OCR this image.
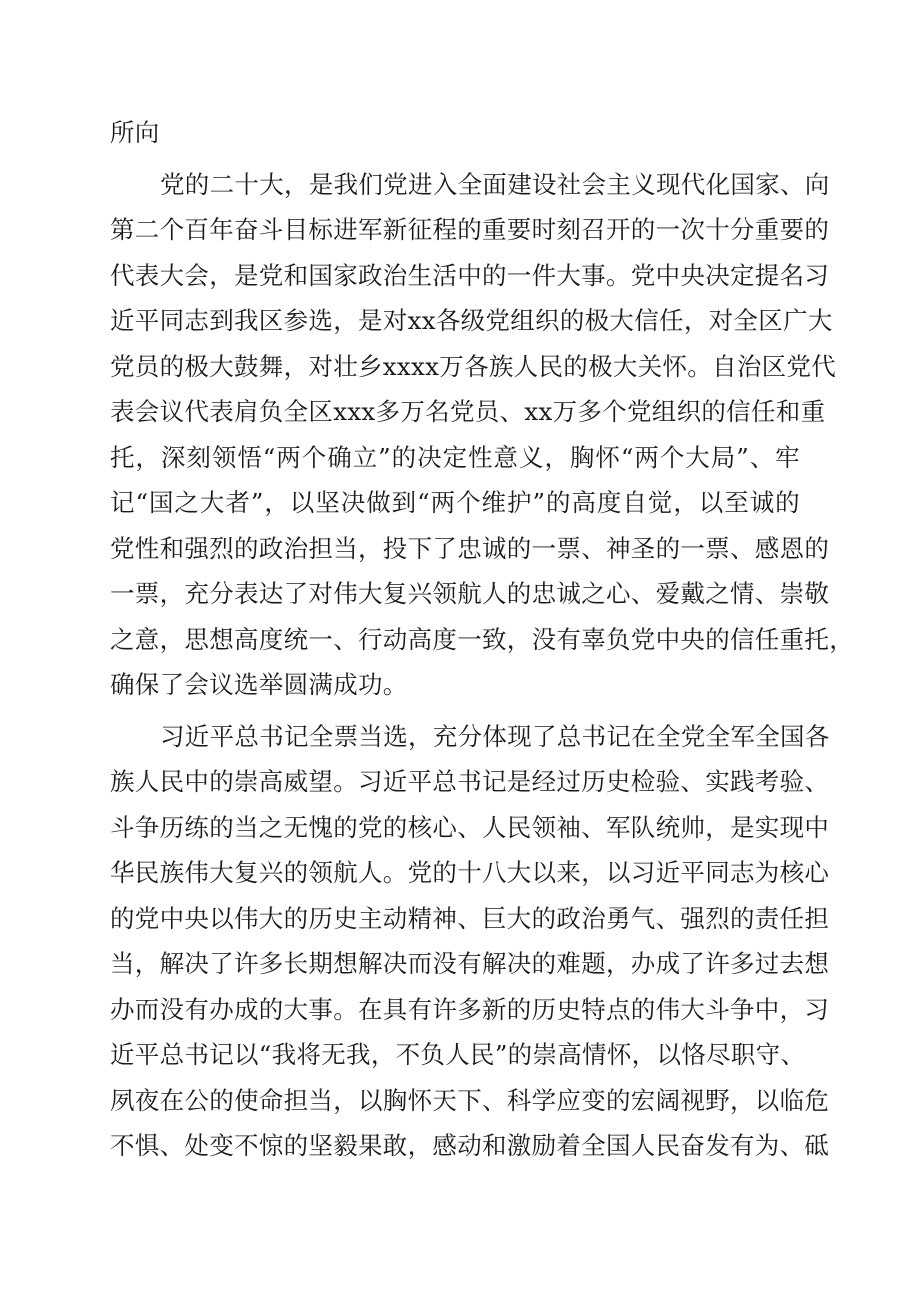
所向
党的二十大，是我们党进入全面建设社会主义现代化国家、向
第二个百年奋斗目标进军新征程的重要时刻召开的一次十分重要的
代表大会，是党和国家政治生活中的一件大事。党中央决定提名习
近平同志到我区参选，是对xx各级党组织的极大信任，对全区广大
党员的极大鼓舞，对壮乡xxxx万各族人民的极大关怀。自治区党代
表会议代表肩负全区xxx多万名党员、xx万多个党组织的信任和重
托，深刻领悟“两个确立”的决定性意义，胸怀“两个大局”、牢
记“国之大者”，以坚决做到“两个维护”的高度自觉，以至诚的
党性和强烈的政治担当，投下了忠诚的一票、神圣的一票、感恩的
一票，充分表达了对伟大复兴领航人的忠诚之心、爱戴之情、崇敬
之意，思想高度统一、行动高度一致，没有辜负党中央的信任重托，
确保了会议选举圆满成功。
习近平总书记全票当选，充分体现了总书记在全党全军全国各
族人民中的崇高威望。习近平总书记是经过历史检验、实践考验、
斗争历练的当之无愧的党的核心、人民领袖、军队统帅，是实现中
华民族伟大复兴的领航人。党的十八大以来，以习近平同志为核心
的党中央以伟大的历史主动精神、巨大的政治勇气、强烈的责任担
当，解决了许多长期想解决而没有解决的难题，办成了许多过去想
办而没有办成的大事。在具有许多新的历史特点的伟大斗争中，习
近平总书记以“我将无我，不负人民”的崇高情怀，以恪尽职守、
夙夜在公的使命担当，以胸怀天下、科学应变的宏阔视野，以临危
不惧、处变不惊的坚毅果敢，感动和激励着全国人民奋发有为、砥
